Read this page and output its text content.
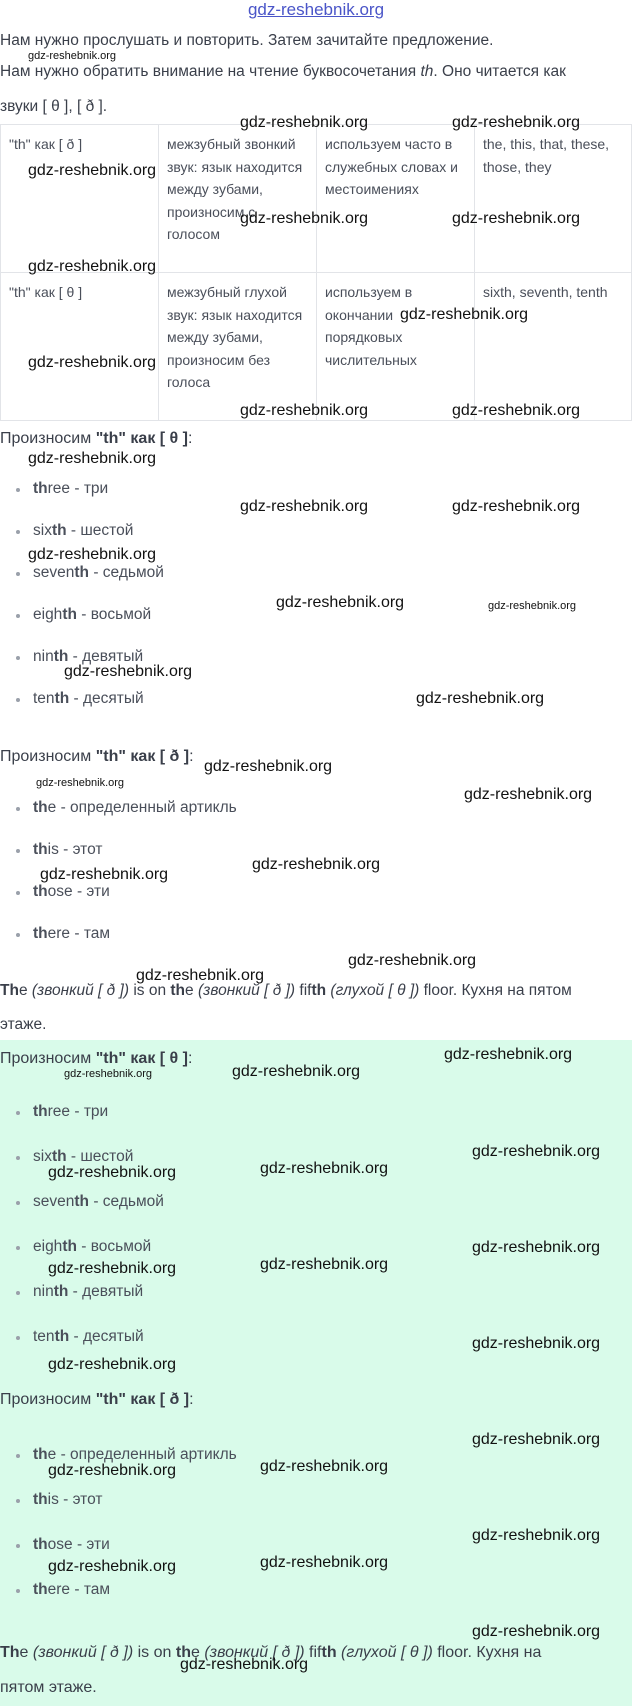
gdz-reshebnik.org
Нам нужно прослушать и повторить. Затем зачитайте предложение.
Нам нужно обратить внимание на чтение буквосочетания th. Оно читается как
звуки [ θ ], [ ð ].
"th" как [ ð ]	межзубный звонкий звук: язык находится между зубами, произносим с голосом	используем часто в служебных словах и местоимениях	the, this, that, these, those, they
"th" как [ θ ]	межзубный глухой звук: язык находится между зубами, произносим без голоса	используем в окончании порядковых числительных	sixth, seventh, tenth
Произносим "th" как [ θ ]:
three - три
sixth - шестой
seventh - седьмой
eighth - восьмой
ninth - девятый
tenth - десятый
Произносим "th" как [ ð ]:
the - определенный артикль
this - этот
those - эти
there - там
The (звонкий [ ð ]) is on the (звонкий [ ð ]) fifth (глухой [ θ ]) floor. Кухня на пятом
этаже.
Произносим "th" как [ θ ]:
three - три
sixth - шестой
seventh - седьмой
eighth - восьмой
ninth - девятый
tenth - десятый
Произносим "th" как [ ð ]:
the - определенный артикль
this - этот
those - эти
there - там
The (звонкий [ ð ]) is on the (звонкий [ ð ]) fifth (глухой [ θ ]) floor. Кухня на
пятом этаже.
gdz-reshebnik.org
gdz-reshebnik.org	gdz-reshebnik.org
gdz-reshebnik.org
gdz-reshebnik.org	gdz-reshebnik.org
gdz-reshebnik.org
gdz-reshebnik.org
gdz-reshebnik.org
gdz-reshebnik.org	gdz-reshebnik.org
gdz-reshebnik.org
gdz-reshebnik.org	gdz-reshebnik.org
gdz-reshebnik.org
gdz-reshebnik.org	gdz-reshebnik.org
gdz-reshebnik.org
gdz-reshebnik.org
gdz-reshebnik.org
gdz-reshebnik.org
gdz-reshebnik.org
gdz-reshebnik.org
gdz-reshebnik.org
gdz-reshebnik.org
gdz-reshebnik.org
gdz-reshebnik.org
gdz-reshebnik.org	gdz-reshebnik.org
gdz-reshebnik.org
gdz-reshebnik.org	gdz-reshebnik.org
gdz-reshebnik.org
gdz-reshebnik.org	gdz-reshebnik.org
gdz-reshebnik.org
gdz-reshebnik.org
gdz-reshebnik.org
gdz-reshebnik.org	gdz-reshebnik.org
gdz-reshebnik.org
gdz-reshebnik.org	gdz-reshebnik.org
gdz-reshebnik.org
gdz-reshebnik.org
